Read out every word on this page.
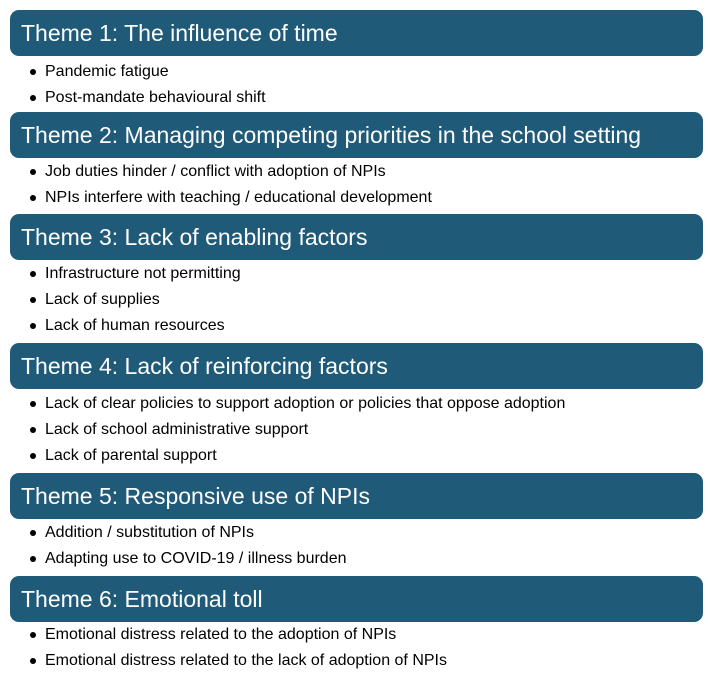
Theme 1: The influence of time
Pandemic fatigue
Post-mandate behavioural shift
Theme 2: Managing competing priorities in the school setting
Job duties hinder / conflict with adoption of NPIs
NPIs interfere with teaching / educational development
Theme 3: Lack of enabling factors
Infrastructure not permitting
Lack of supplies
Lack of human resources
Theme 4: Lack of reinforcing factors
Lack of clear policies to support adoption or policies that oppose adoption
Lack of school administrative support
Lack of parental support
Theme 5: Responsive use of NPIs
Addition / substitution of NPIs
Adapting use to COVID-19 / illness burden
Theme 6: Emotional toll
Emotional distress related to the adoption of NPIs
Emotional distress related to the lack of adoption of NPIs
